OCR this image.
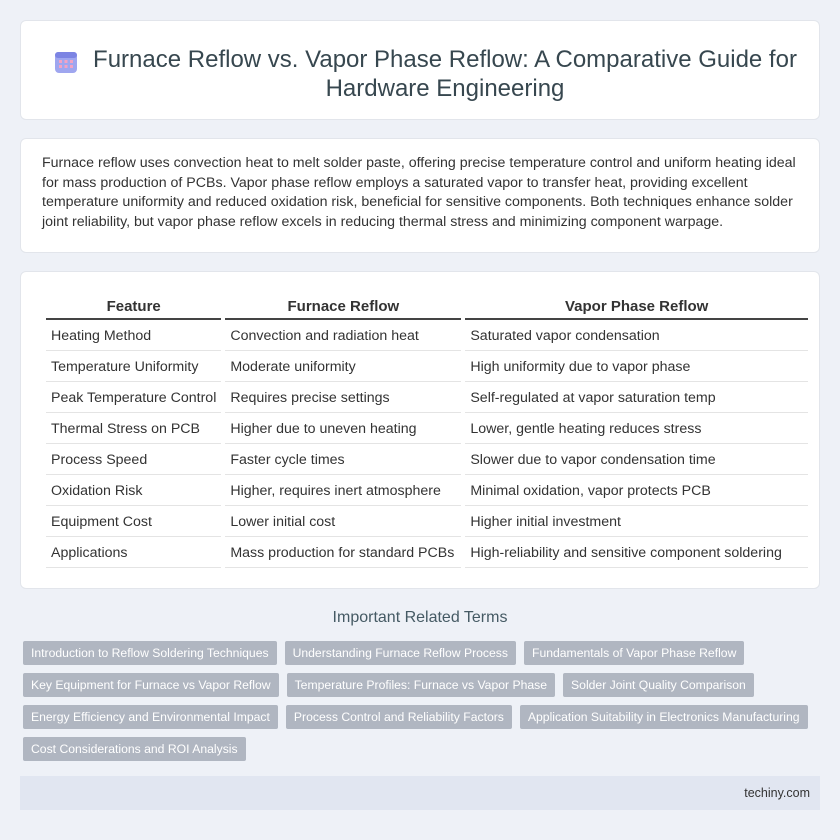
Furnace Reflow vs. Vapor Phase Reflow: A Comparative Guide for Hardware Engineering

Furnace reflow uses convection heat to melt solder paste, offering precise temperature control and uniform heating ideal for mass production of PCBs. Vapor phase reflow employs a saturated vapor to transfer heat, providing excellent temperature uniformity and reduced oxidation risk, beneficial for sensitive components. Both techniques enhance solder joint reliability, but vapor phase reflow excels in reducing thermal stress and minimizing component warpage.

Feature	Furnace Reflow	Vapor Phase Reflow
Heating Method	Convection and radiation heat	Saturated vapor condensation
Temperature Uniformity	Moderate uniformity	High uniformity due to vapor phase
Peak Temperature Control	Requires precise settings	Self-regulated at vapor saturation temp
Thermal Stress on PCB	Higher due to uneven heating	Lower, gentle heating reduces stress
Process Speed	Faster cycle times	Slower due to vapor condensation time
Oxidation Risk	Higher, requires inert atmosphere	Minimal oxidation, vapor protects PCB
Equipment Cost	Lower initial cost	Higher initial investment
Applications	Mass production for standard PCBs	High-reliability and sensitive component soldering
Important Related Terms
Introduction to Reflow Soldering Techniques	Understanding Furnace Reflow Process	Fundamentals of Vapor Phase Reflow
Key Equipment for Furnace vs Vapor Reflow	Temperature Profiles: Furnace vs Vapor Phase	Solder Joint Quality Comparison
Energy Efficiency and Environmental Impact	Process Control and Reliability Factors	Application Suitability in Electronics Manufacturing
Cost Considerations and ROI Analysis
techiny.com
